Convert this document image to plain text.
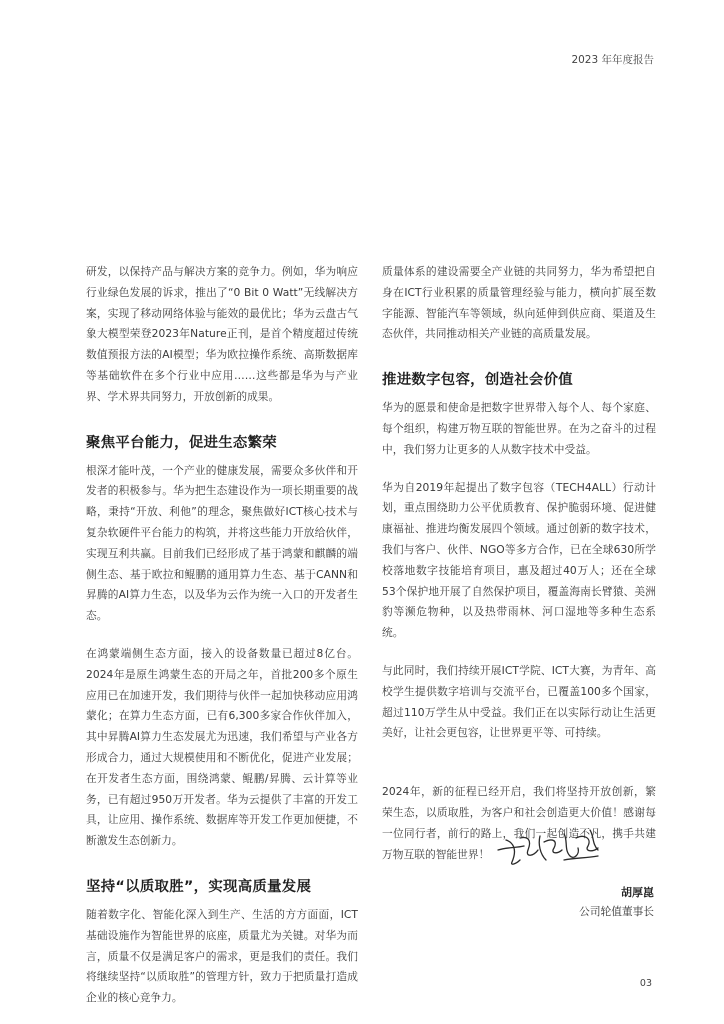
2023 年年度报告

研发，以保持产品与解决方案的竞争力。例如，华为响应行业绿色发展的诉求，推出了“0 Bit 0 Watt”无线解决方案，实现了移动网络体验与能效的最优比；华为云盘古气象大模型荣登2023年Nature正刊，是首个精度超过传统数值预报方法的AI模型；华为欧拉操作系统、高斯数据库等基础软件在多个行业中应用……这些都是华为与产业界、学术界共同努力，开放创新的成果。

聚焦平台能力，促进生态繁荣

根深才能叶茂，一个产业的健康发展，需要众多伙伴和开发者的积极参与。华为把生态建设作为一项长期重要的战略，秉持“开放、利他”的理念，聚焦做好ICT核心技术与复杂软硬件平台能力的构筑，并将这些能力开放给伙伴，实现互利共赢。目前我们已经形成了基于鸿蒙和麒麟的端侧生态、基于欧拉和鲲鹏的通用算力生态、基于CANN和昇腾的AI算力生态，以及华为云作为统一入口的开发者生态。

在鸿蒙端侧生态方面，接入的设备数量已超过8亿台。2024年是原生鸿蒙生态的开局之年，首批200多个原生应用已在加速开发，我们期待与伙伴一起加快移动应用鸿蒙化；在算力生态方面，已有6,300多家合作伙伴加入，其中昇腾AI算力生态发展尤为迅速，我们希望与产业各方形成合力，通过大规模使用和不断优化，促进产业发展；在开发者生态方面，围绕鸿蒙、鲲鹏/昇腾、云计算等业务，已有超过950万开发者。华为云提供了丰富的开发工具，让应用、操作系统、数据库等开发工作更加便捷，不断激发生态创新力。

坚持“以质取胜”，实现高质量发展

随着数字化、智能化深入到生产、生活的方方面面，ICT基础设施作为智能世界的底座，质量尤为关键。对华为而言，质量不仅是满足客户的需求，更是我们的责任。我们将继续坚持“以质取胜”的管理方针，致力于把质量打造成企业的核心竞争力。

质量体系的建设需要全产业链的共同努力，华为希望把自身在ICT行业积累的质量管理经验与能力，横向扩展至数字能源、智能汽车等领域，纵向延伸到供应商、渠道及生态伙伴，共同推动相关产业链的高质量发展。

推进数字包容，创造社会价值

华为的愿景和使命是把数字世界带入每个人、每个家庭、每个组织，构建万物互联的智能世界。在为之奋斗的过程中，我们努力让更多的人从数字技术中受益。

华为自2019年起提出了数字包容（TECH4ALL）行动计划，重点围绕助力公平优质教育、保护脆弱环境、促进健康福祉、推进均衡发展四个领域。通过创新的数字技术，我们与客户、伙伴、NGO等多方合作，已在全球630所学校落地数字技能培育项目，惠及超过40万人；还在全球53个保护地开展了自然保护项目，覆盖海南长臂猿、美洲豹等濒危物种，以及热带雨林、河口湿地等多种生态系统。

与此同时，我们持续开展ICT学院、ICT大赛，为青年、高校学生提供数字培训与交流平台，已覆盖100多个国家，超过110万学生从中受益。我们正在以实际行动让生活更美好，让社会更包容，让世界更平等、可持续。

2024年，新的征程已经开启，我们将坚持开放创新，繁荣生态，以质取胜，为客户和社会创造更大价值！感谢每一位同行者，前行的路上，我们一起创造不凡，携手共建万物互联的智能世界！

胡厚崑
公司轮值董事长
03
